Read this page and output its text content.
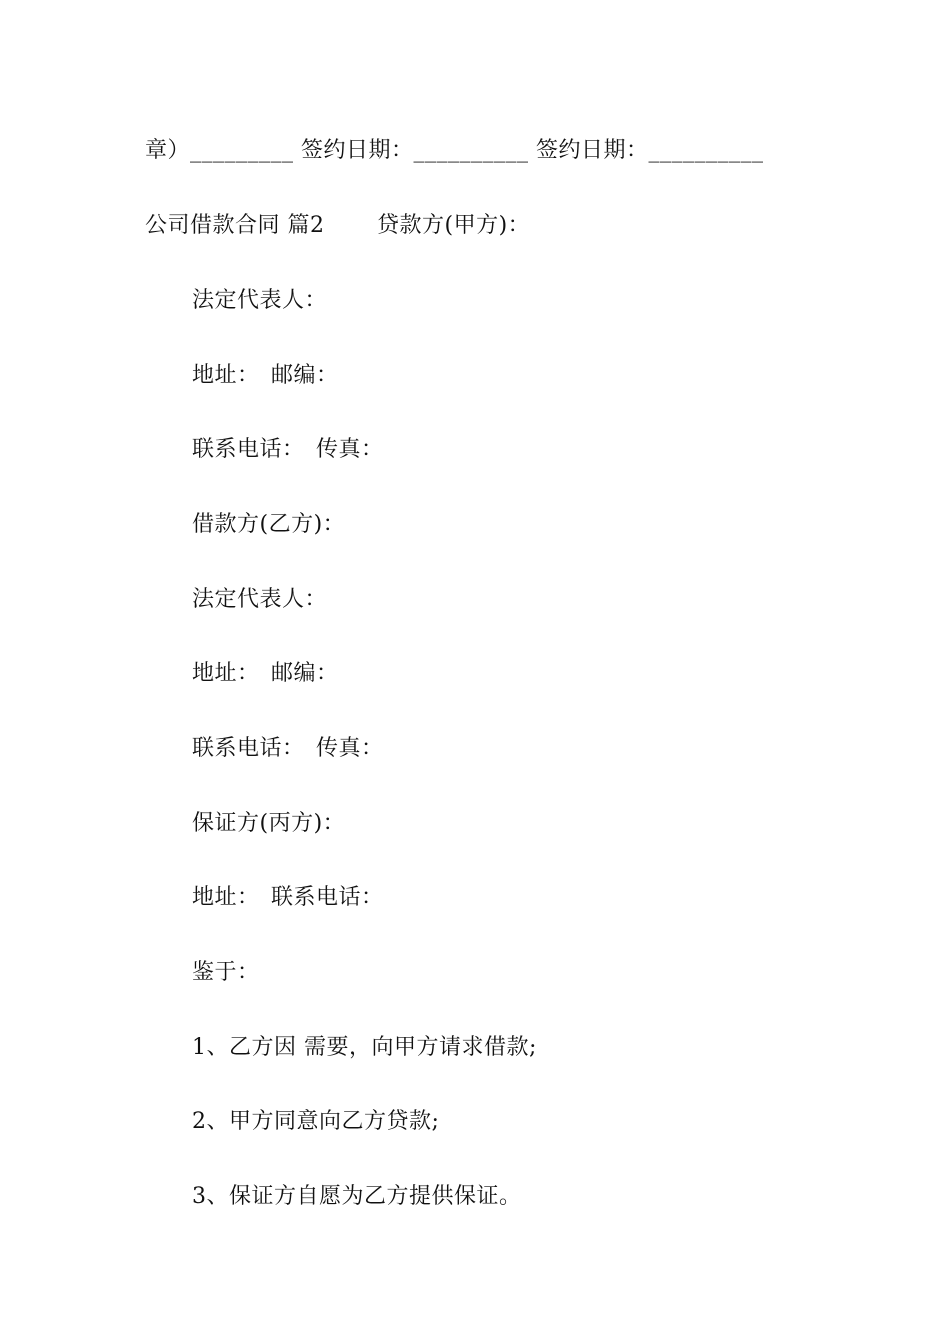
章）_________ 签约日期：__________ 签约日期：__________
公司借款合同 篇2　　 贷款方(甲方)：
法定代表人：
地址：　邮编：
联系电话：　传真：
借款方(乙方)：
法定代表人：
地址：　邮编：
联系电话：　传真：
保证方(丙方)：
地址：　联系电话：
鉴于：
1、乙方因 需要，向甲方请求借款;
2、甲方同意向乙方贷款;
3、保证方自愿为乙方提供保证。
